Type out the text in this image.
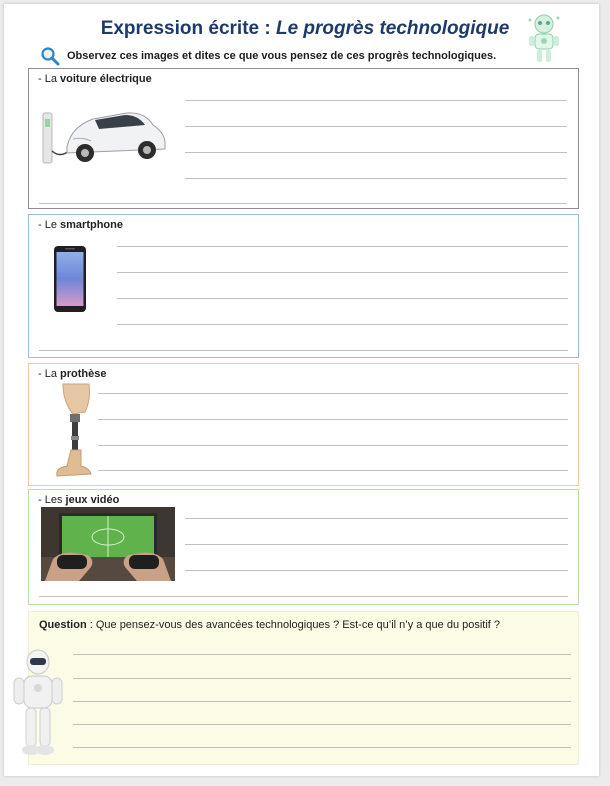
Expression écrite : Le progrès technologique
Observez ces images et dites ce que vous pensez de ces progrès technologiques.
- La voiture électrique
- Le smartphone
- La prothèse
- Les jeux vidéo
Question : Que pensez-vous des avancées technologiques ? Est-ce qu’il n’y a que du positif ?
